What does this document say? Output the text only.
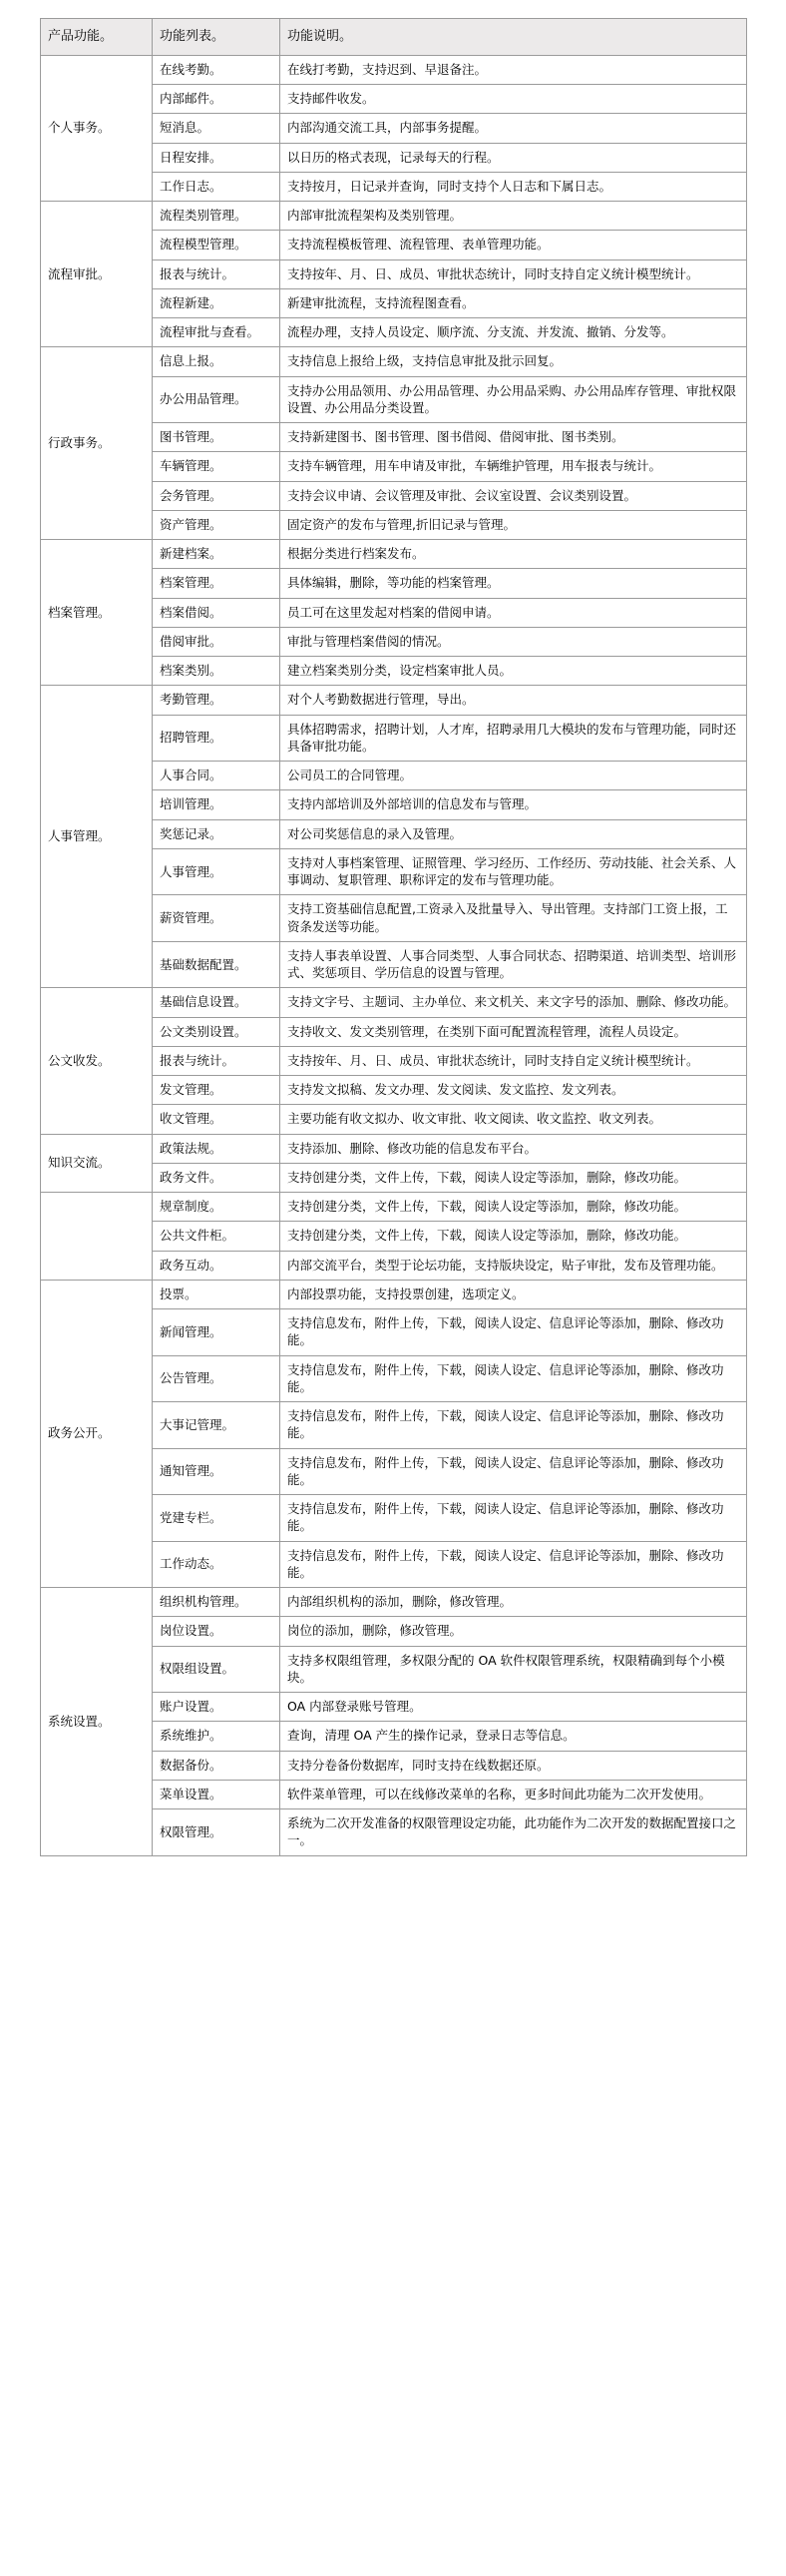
产品功能。	功能列表。	功能说明。
个人事务。	在线考勤。	在线打考勤，支持迟到、早退备注。
	内部邮件。	支持邮件收发。
	短消息。	内部沟通交流工具，内部事务提醒。
	日程安排。	以日历的格式表现，记录每天的行程。
	工作日志。	支持按月，日记录并查询，同时支持个人日志和下属日志。
流程审批。	流程类别管理。	内部审批流程架构及类别管理。
	流程模型管理。	支持流程模板管理、流程管理、表单管理功能。
	报表与统计。	支持按年、月、日、成员、审批状态统计，同时支持自定义统计模型统计。
	流程新建。	新建审批流程，支持流程图查看。
	流程审批与查看。	流程办理，支持人员设定、顺序流、分支流、并发流、撤销、分发等。
行政事务。	信息上报。	支持信息上报给上级，支持信息审批及批示回复。
	办公用品管理。	支持办公用品领用、办公用品管理、办公用品采购、办公用品库存管理、审批权限设置、办公用品分类设置。
	图书管理。	支持新建图书、图书管理、图书借阅、借阅审批、图书类别。
	车辆管理。	支持车辆管理，用车申请及审批，车辆维护管理，用车报表与统计。
	会务管理。	支持会议申请、会议管理及审批、会议室设置、会议类别设置。
	资产管理。	固定资产的发布与管理,折旧记录与管理。
档案管理。	新建档案。	根据分类进行档案发布。
	档案管理。	具体编辑，删除，等功能的档案管理。
	档案借阅。	员工可在这里发起对档案的借阅申请。
	借阅审批。	审批与管理档案借阅的情况。
	档案类别。	建立档案类别分类，设定档案审批人员。
人事管理。	考勤管理。	对个人考勤数据进行管理，导出。
	招聘管理。	具体招聘需求，招聘计划，人才库，招聘录用几大模块的发布与管理功能，同时还具备审批功能。
	人事合同。	公司员工的合同管理。
	培训管理。	支持内部培训及外部培训的信息发布与管理。
	奖惩记录。	对公司奖惩信息的录入及管理。
	人事管理。	支持对人事档案管理、证照管理、学习经历、工作经历、劳动技能、社会关系、人事调动、复职管理、职称评定的发布与管理功能。
	薪资管理。	支持工资基础信息配置,工资录入及批量导入、导出管理。支持部门工资上报，工资条发送等功能。
	基础数据配置。	支持人事表单设置、人事合同类型、人事合同状态、招聘渠道、培训类型、培训形式、奖惩项目、学历信息的设置与管理。
公文收发。	基础信息设置。	支持文字号、主题词、主办单位、来文机关、来文字号的添加、删除、修改功能。
	公文类别设置。	支持收文、发文类别管理，在类别下面可配置流程管理，流程人员设定。
	报表与统计。	支持按年、月、日、成员、审批状态统计，同时支持自定义统计模型统计。
	发文管理。	支持发文拟稿、发文办理、发文阅读、发文监控、发文列表。
	收文管理。	主要功能有收文拟办、收文审批、收文阅读、收文监控、收文列表。
知识交流。	政策法规。	支持添加、删除、修改功能的信息发布平台。
	政务文件。	支持创建分类，文件上传，下载，阅读人设定等添加，删除，修改功能。
	规章制度。	支持创建分类，文件上传，下载，阅读人设定等添加，删除，修改功能。
	公共文件柜。	支持创建分类，文件上传，下载，阅读人设定等添加，删除，修改功能。
	政务互动。	内部交流平台，类型于论坛功能，支持版块设定，贴子审批，发布及管理功能。
政务公开。	投票。	内部投票功能，支持投票创建，选项定义。
	新闻管理。	支持信息发布，附件上传，下载，阅读人设定、信息评论等添加，删除、修改功能。
	公告管理。	支持信息发布，附件上传，下载，阅读人设定、信息评论等添加，删除、修改功能。
	大事记管理。	支持信息发布，附件上传，下载，阅读人设定、信息评论等添加，删除、修改功能。
	通知管理。	支持信息发布，附件上传，下载，阅读人设定、信息评论等添加，删除、修改功能。
	党建专栏。	支持信息发布，附件上传，下载，阅读人设定、信息评论等添加，删除、修改功能。
	工作动态。	支持信息发布，附件上传，下载，阅读人设定、信息评论等添加，删除、修改功能。
系统设置。	组织机构管理。	内部组织机构的添加，删除，修改管理。
	岗位设置。	岗位的添加，删除，修改管理。
	权限组设置。	支持多权限组管理，多权限分配的 OA 软件权限管理系统，权限精确到每个小模块。
	账户设置。	OA 内部登录账号管理。
	系统维护。	查询，清理 OA 产生的操作记录，登录日志等信息。
	数据备份。	支持分卷备份数据库，同时支持在线数据还原。
	菜单设置。	软件菜单管理，可以在线修改菜单的名称，更多时间此功能为二次开发使用。
	权限管理。	系统为二次开发准备的权限管理设定功能，此功能作为二次开发的数据配置接口之一。
